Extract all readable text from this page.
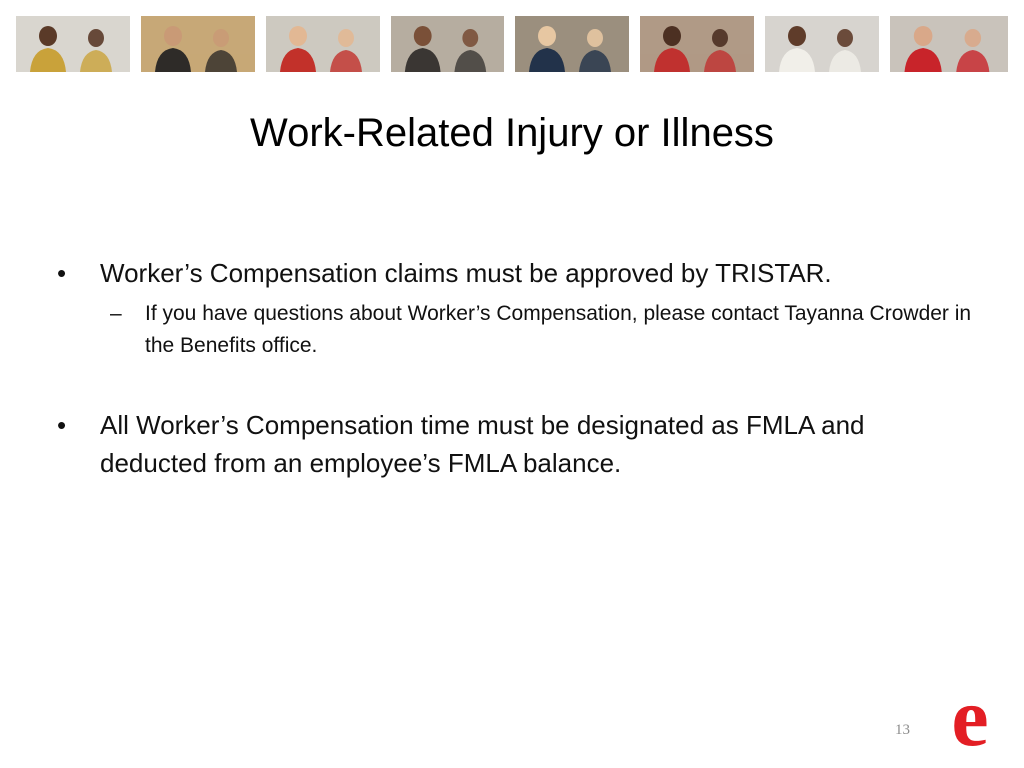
Work-Related Injury or Illness
• Worker’s Compensation claims must be approved by TRISTAR.
– If you have questions about Worker’s Compensation, please contact Tayanna Crowder in the Benefits office.
• All Worker’s Compensation time must be designated as FMLA and deducted from an employee’s FMLA balance.
13 e
